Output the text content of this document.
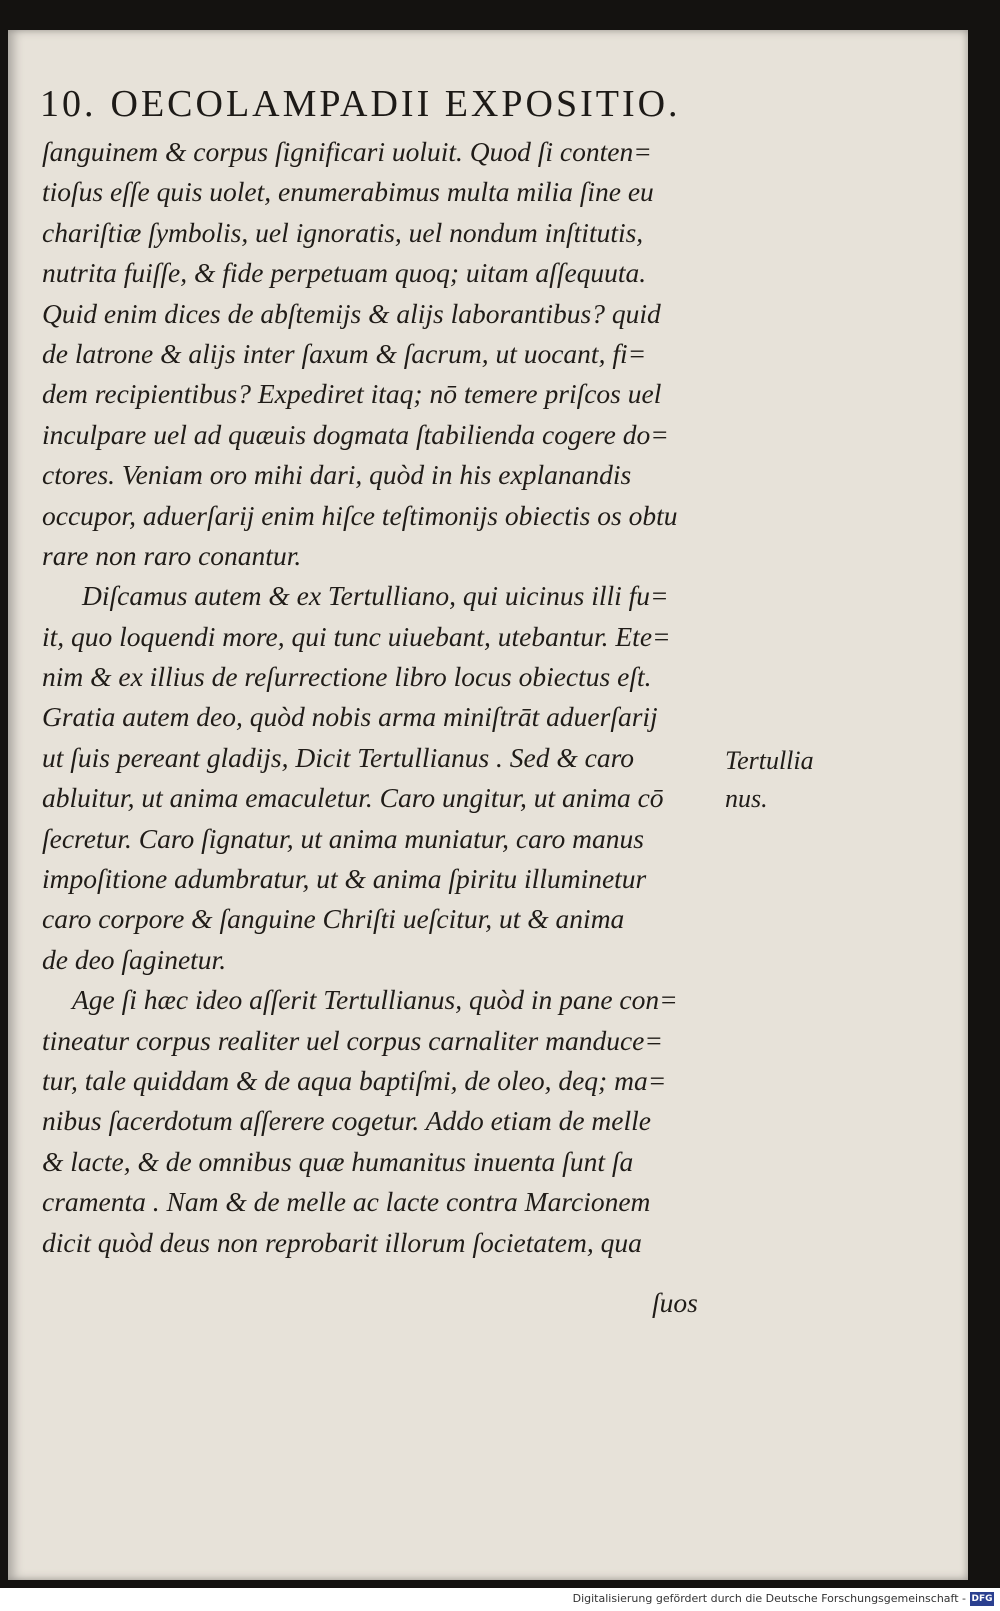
10. OECOLAMPADII EXPOSITIO.
ſanguinem & corpus ſignificari uoluit. Quod ſi conten=
tioſus eſſe quis uolet, enumerabimus multa milia ſine eu
chariſtiæ ſymbolis, uel ignoratis, uel nondum inſtitutis,
nutrita fuiſſe, & fide perpetuam quoq; uitam aſſequuta.
Quid enim dices de abſtemijs & alijs laborantibus? quid
de latrone & alijs inter ſaxum & ſacrum, ut uocant, fi=
dem recipientibus? Expediret itaq; nō temere priſcos uel
inculpare uel ad quæuis dogmata ſtabilienda cogere do=
ctores. Veniam oro mihi dari, quòd in his explanandis
occupor, aduerſarij enim hiſce teſtimonijs obiectis os obtu
rare non raro conantur.
Diſcamus autem & ex Tertulliano, qui uicinus illi fu=
it, quo loquendi more, qui tunc uiuebant, utebantur. Ete=
nim & ex illius de reſurrectione libro locus obiectus eſt.
Gratia autem deo, quòd nobis arma miniſtrāt aduerſarij
ut ſuis pereant gladijs, Dicit Tertullianus . Sed & caro
abluitur, ut anima emaculetur. Caro ungitur, ut anima cō
ſecretur. Caro ſignatur, ut anima muniatur, caro manus
impoſitione adumbratur, ut & anima ſpiritu illuminetur
caro corpore & ſanguine Chriſti ueſcitur, ut & anima
de deo ſaginetur.
Age ſi hæc ideo aſſerit Tertullianus, quòd in pane con=
tineatur corpus realiter uel corpus carnaliter manduce=
tur, tale quiddam & de aqua baptiſmi, de oleo, deq; ma=
nibus ſacerdotum aſſerere cogetur. Addo etiam de melle
& lacte, & de omnibus quæ humanitus inuenta ſunt ſa
cramenta . Nam & de melle ac lacte contra Marcionem
dicit quòd deus non reprobarit illorum ſocietatem, qua
ſuos
Tertullia
nus.
Digitalisierung gefördert durch die Deutsche Forschungsgemeinschaft - DFG
